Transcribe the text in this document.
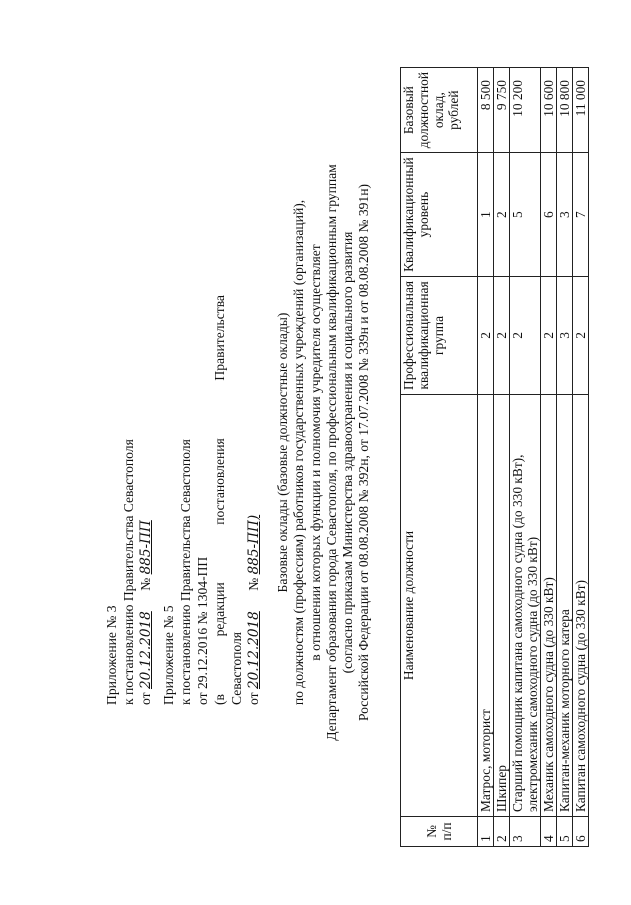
Приложение № 3 к постановлению Правительства Севастополя от 20.12.2018      № 885-ПП
Приложение № 5 к постановлению Правительства Севастополя от 29.12.2016 № 1304-ПП (в
редакции
постановления
Правительства
Севастополя от 20.12.2018      № 885-ПП) Базовые оклады (базовые должностные оклады) по должностям (профессиям) работников государственных учреждений (организаций), в отношении которых функции и полномочия учредителя осуществляет Департамент образования города Севастополя, по профессиональным квалификационным группам (согласно приказам Министерства здравоохранения и социального развития Российской Федерации от 08.08.2008 № 392н, от 17.07.2008 № 339н и от 08.08.2008 № 391н)
№ п/п	Наименование должности	Профессиональная квалификационная группа	Квалификационный уровень	Базовый должностной оклад, рублей
1	Матрос, моторист	2	1	8 500
2	Шкипер	2	2	9 750
3	Старший помощник капитана самоходного судна (до 330 кВт), электромеханик самоходного судна (до 330 кВт)	2	5	10 200
4	Механик самоходного судна (до 330 кВт)	2	6	10 600
5	Капитан-механик моторного катера	3	3	10 800
6	Капитан самоходного судна (до 330 кВт)	2	7	11 000
